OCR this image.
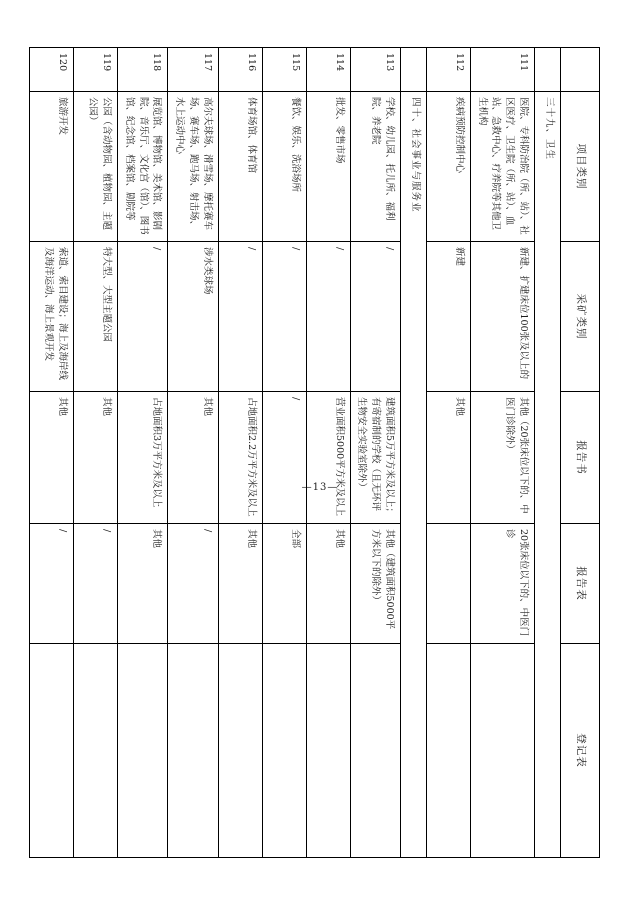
—13—
	项目类别	采矿类别	报告书	报告表	登记表
	三十九、卫生				
111	医院、专科防治院（所、站）、社区医疗、卫生院（所、站）、血站、急救中心、疗养院等其他卫生机构	新建、扩建床位100张及以上的	其他（20张床位以下的、中医门诊除外）	20张床位以下的、中医门诊	
112	疾病预防控制中心	新建	其他		
	四十、社会事业与服务业				
113	学校、幼儿园、托儿所、福利院、养老院	/	建筑面积5万平方米及以上；有寄宿制的学校（且无环评生物安全实验室除外）	其他（建筑面积5000平方米以下的除外）	
114	批发、零售市场	/	营业面积5000平方米及以上	其他	
115	餐饮、娱乐、洗浴场所	/	/	全部	
116	体育场馆、体育馆	/	占地面积2.2万平方米及以上	其他	
117	高尔夫球场、滑雪场、摩托赛车场、赛车场、跑马场、射击场、水上运动中心	涉水类球场	其他	/	
118	展览馆、博物馆、美术馆、影剧院、音乐厅、文化宫（馆）、图书馆、纪念馆、档案馆、剧院等	/	占地面积3万平方米及以上	其他	
119	公园（含动物园、植物园、主题公园）	特大型、大型主题公园	其他	/	
120	旅游开发	索道、索目建设；海上及海岸线及海洋运动、海上景观开发	其他	/	
